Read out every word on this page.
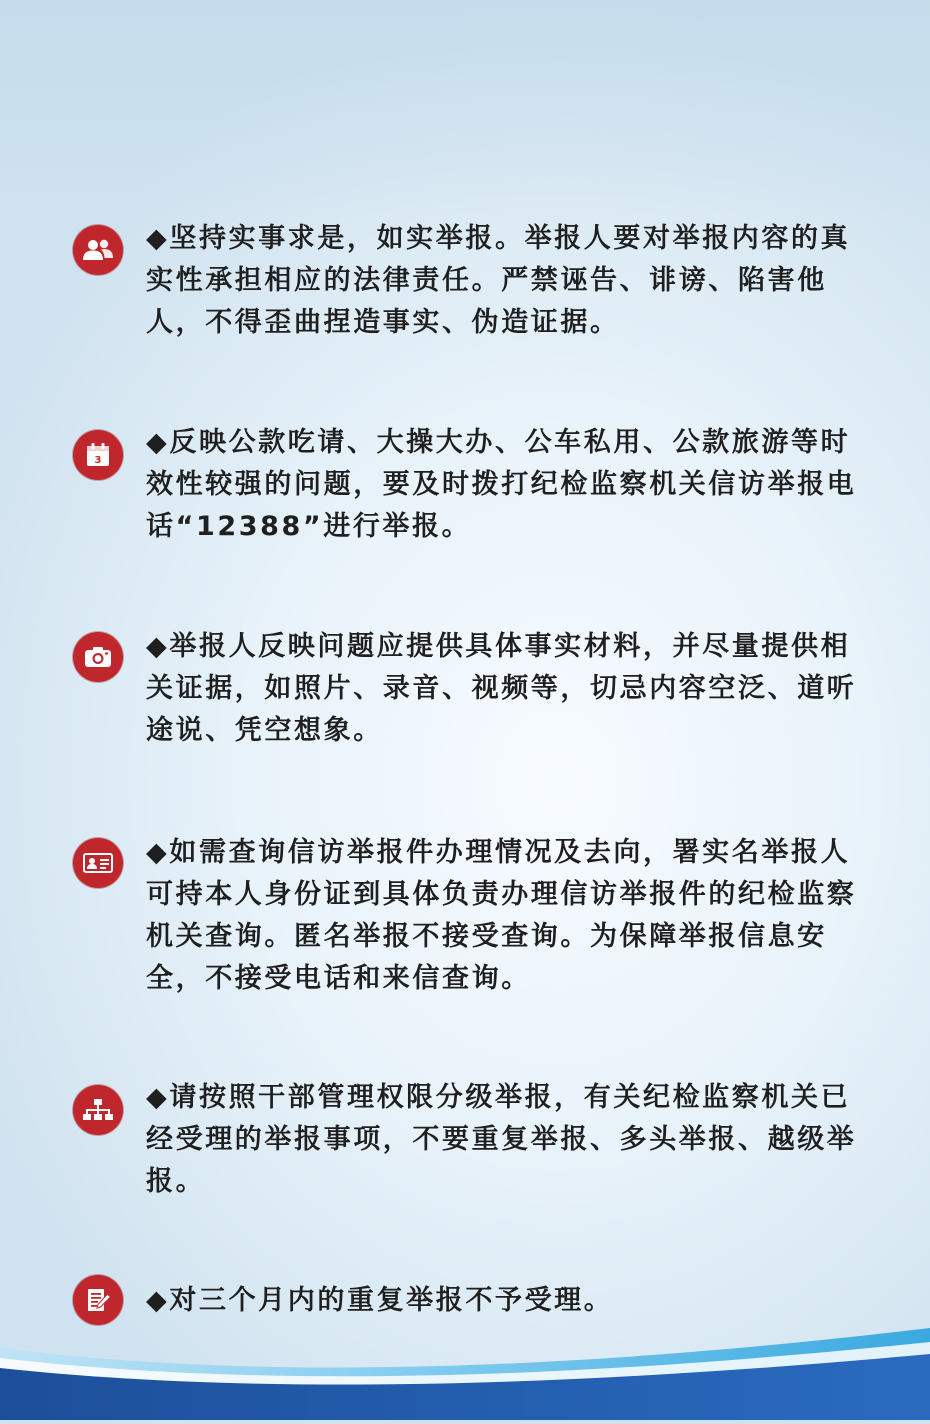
◆坚持实事求是，如实举报。举报人要对举报内容的真实性承担相应的法律责任。严禁诬告、诽谤、陷害他人，不得歪曲捏造事实、伪造证据。

3

◆反映公款吃请、大操大办、公车私用、公款旅游等时效性较强的问题，要及时拨打纪检监察机关信访举报电话“12388”进行举报。

◆举报人反映问题应提供具体事实材料，并尽量提供相关证据，如照片、录音、视频等，切忌内容空泛、道听途说、凭空想象。

◆如需查询信访举报件办理情况及去向，署实名举报人可持本人身份证到具体负责办理信访举报件的纪检监察机关查询。匿名举报不接受查询。为保障举报信息安全，不接受电话和来信查询。

◆请按照干部管理权限分级举报，有关纪检监察机关已经受理的举报事项，不要重复举报、多头举报、越级举报。

◆对三个月内的重复举报不予受理。
